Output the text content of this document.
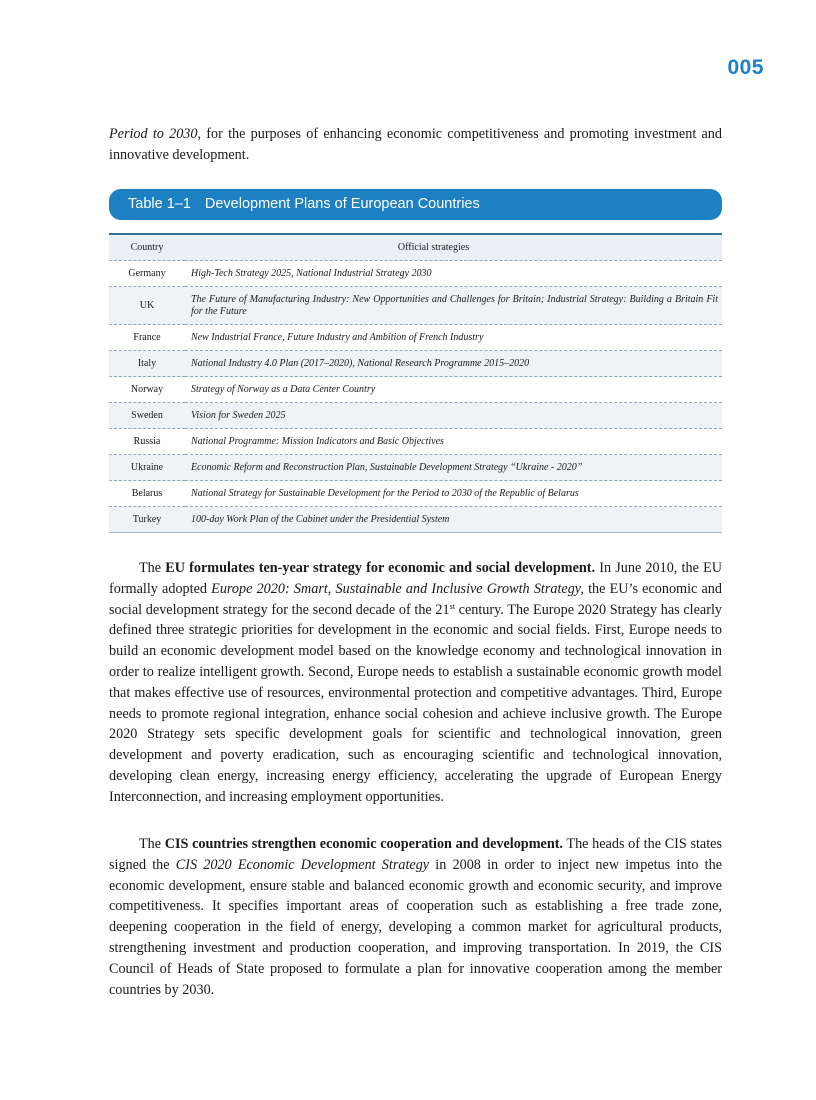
005

Period to 2030, for the purposes of enhancing economic competitiveness and promoting investment and innovative development.

Table 1–1 Development Plans of European Countries
Country	Official strategies
Germany	High-Tech Strategy 2025, National Industrial Strategy 2030
UK	The Future of Manufacturing Industry: New Opportunities and Challenges for Britain; Industrial Strategy: Building a Britain Fit for the Future
France	New Industrial France, Future Industry and Ambition of French Industry
Italy	National Industry 4.0 Plan (2017–2020), National Research Programme 2015–2020
Norway	Strategy of Norway as a Data Center Country
Sweden	Vision for Sweden 2025
Russia	National Programme: Mission Indicators and Basic Objectives
Ukraine	Economic Reform and Reconstruction Plan, Sustainable Development Strategy “Ukraine - 2020”
Belarus	National Strategy for Sustainable Development for the Period to 2030 of the Republic of Belarus
Turkey	100-day Work Plan of the Cabinet under the Presidential System

The EU formulates ten-year strategy for economic and social development. In June 2010, the EU formally adopted Europe 2020: Smart, Sustainable and Inclusive Growth Strategy, the EU’s economic and social development strategy for the second decade of the 21st century. The Europe 2020 Strategy has clearly defined three strategic priorities for development in the economic and social fields. First, Europe needs to build an economic development model based on the knowledge economy and technological innovation in order to realize intelligent growth. Second, Europe needs to establish a sustainable economic growth model that makes effective use of resources, environmental protection and competitive advantages. Third, Europe needs to promote regional integration, enhance social cohesion and achieve inclusive growth. The Europe 2020 Strategy sets specific development goals for scientific and technological innovation, green development and poverty eradication, such as encouraging scientific and technological innovation, developing clean energy, increasing energy efficiency, accelerating the upgrade of European Energy Interconnection, and increasing employment opportunities.

The CIS countries strengthen economic cooperation and development. The heads of the CIS states signed the CIS 2020 Economic Development Strategy in 2008 in order to inject new impetus into the economic development, ensure stable and balanced economic growth and economic security, and improve competitiveness. It specifies important areas of cooperation such as establishing a free trade zone, deepening cooperation in the field of energy, developing a common market for agricultural products, strengthening investment and production cooperation, and improving transportation. In 2019, the CIS Council of Heads of State proposed to formulate a plan for innovative cooperation among the member countries by 2030.
